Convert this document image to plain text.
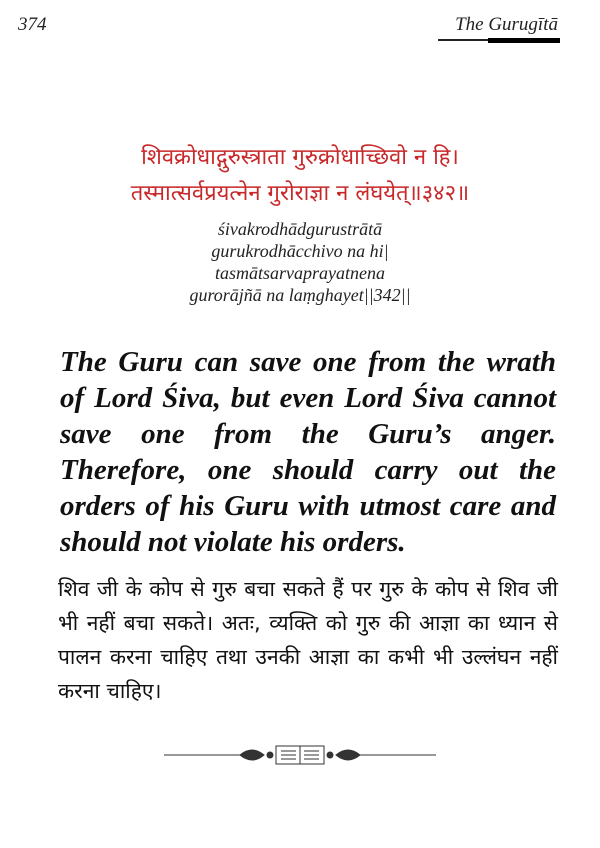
374	The Gurugītā
शिवक्रोधाद्गुरुस्त्राता गुरुक्रोधाच्छिवो न हि।
तस्मात्सर्वप्रयत्नेन गुरोराज्ञा न लंघयेत्॥३४२॥
śivakrodhādgurustrātā
gurukrodhācchivo na hi|
tasmātsarvaprayatnena
gurorājñā na laṃghayet||342||
The Guru can save one from the wrath of Lord Śiva, but even Lord Śiva cannot save one from the Guru’s anger. Therefore, one should carry out the orders of his Guru with utmost care and should not violate his orders.
शिव जी के कोप से गुरु बचा सकते हैं पर गुरु के कोप से शिव जी भी नहीं बचा सकते। अतः, व्यक्ति को गुरु की आज्ञा का ध्यान से पालन करना चाहिए तथा उनकी आज्ञा का कभी भी उल्लंघन नहीं करना चाहिए।
